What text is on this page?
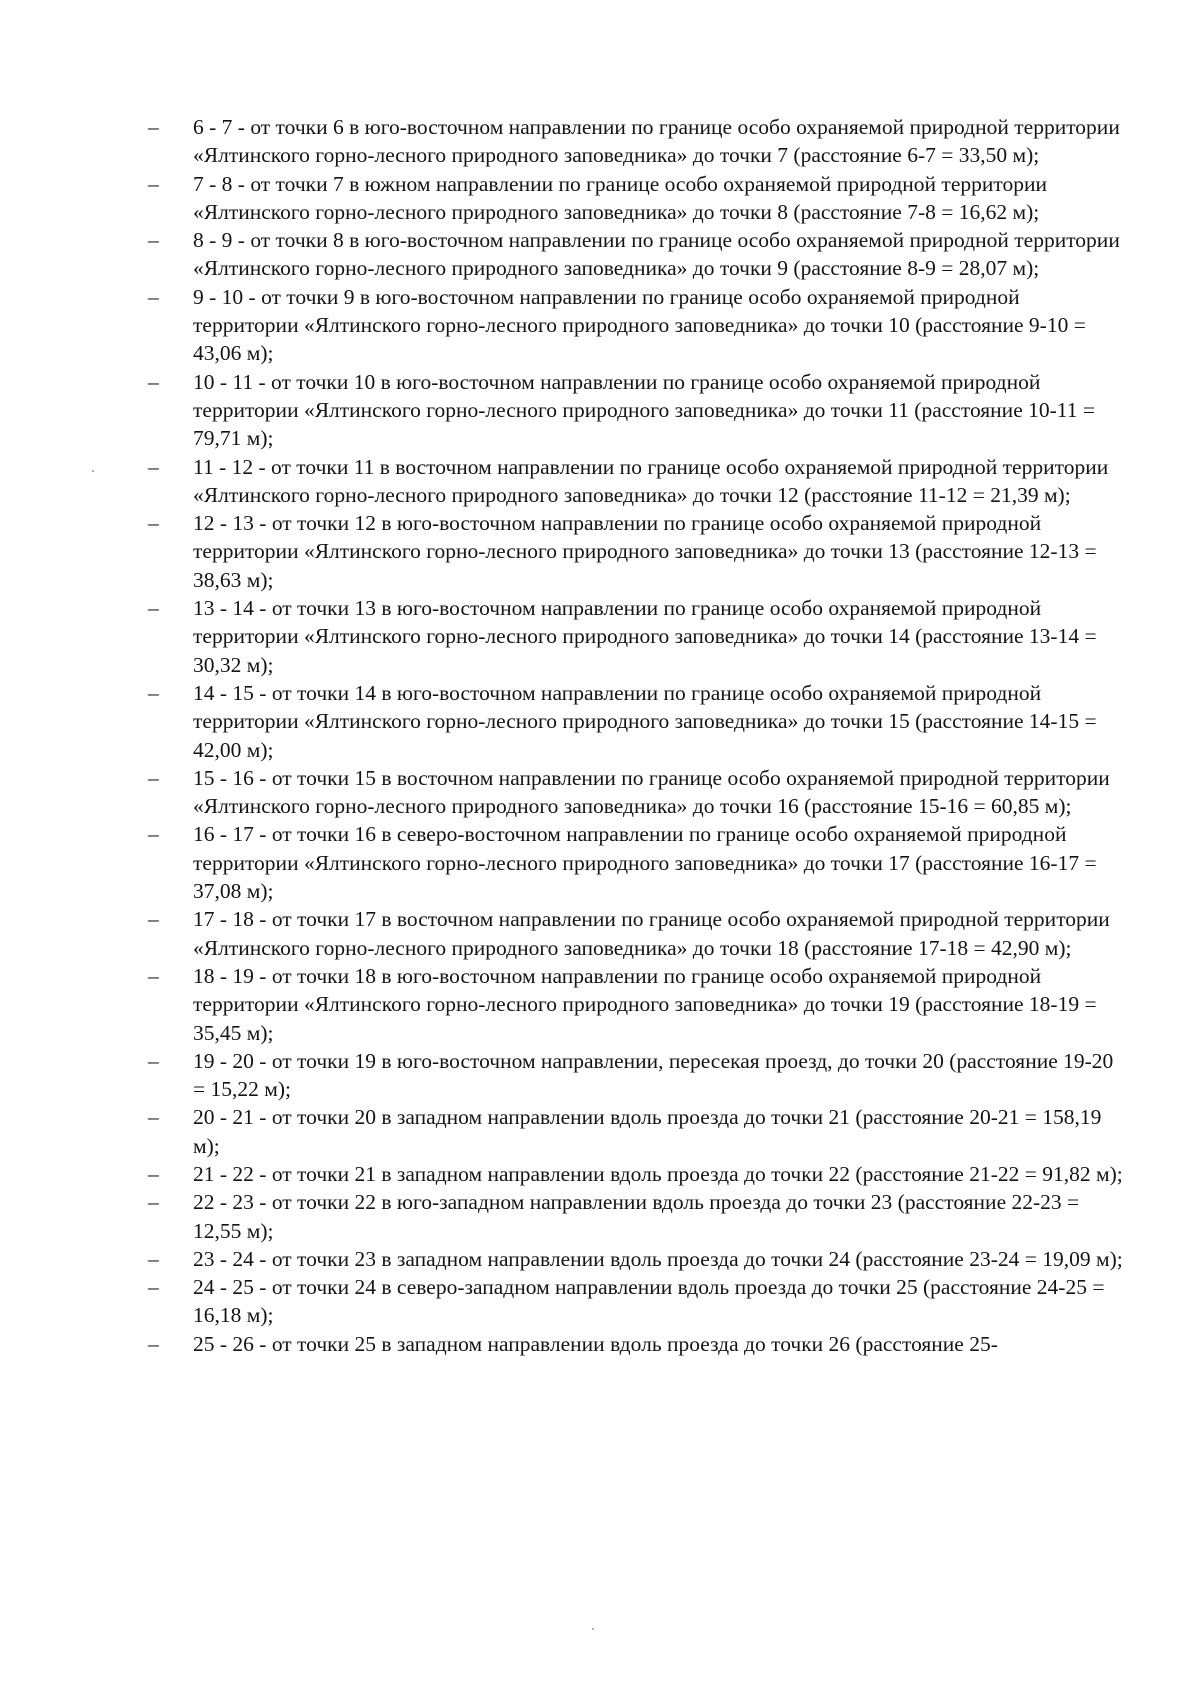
–	6 - 7 - от точки 6 в юго-восточном направлении по границе особо охраняемой природной территории «Ялтинского горно-лесного природного заповедника» до точки 7 (расстояние 6-7 = 33,50 м);
–	7 - 8 - от точки 7 в южном направлении по границе особо охраняемой природной территории «Ялтинского горно-лесного природного заповедника» до точки 8 (расстояние 7-8 = 16,62 м);
–	8 - 9 - от точки 8 в юго-восточном направлении по границе особо охраняемой природной территории «Ялтинского горно-лесного природного заповедника» до точки 9 (расстояние 8-9 = 28,07 м);
–	9 - 10 - от точки 9 в юго-восточном направлении по границе особо охраняемой природной территории «Ялтинского горно-лесного природного заповедника» до точки 10 (расстояние 9-10 = 43,06 м);
–	10 - 11 - от точки 10 в юго-восточном направлении по границе особо охраняемой природной территории «Ялтинского горно-лесного природного заповедника» до точки 11 (расстояние 10-11 = 79,71 м);
–	11 - 12 - от точки 11 в восточном направлении по границе особо охраняемой природной территории «Ялтинского горно-лесного природного заповедника» до точки 12 (расстояние 11-12 = 21,39 м);
–	12 - 13 - от точки 12 в юго-восточном направлении по границе особо охраняемой природной территории «Ялтинского горно-лесного природного заповедника» до точки 13 (расстояние 12-13 = 38,63 м);
–	13 - 14 - от точки 13 в юго-восточном направлении по границе особо охраняемой природной территории «Ялтинского горно-лесного природного заповедника» до точки 14 (расстояние 13-14 = 30,32 м);
–	14 - 15 - от точки 14 в юго-восточном направлении по границе особо охраняемой природной территории «Ялтинского горно-лесного природного заповедника» до точки 15 (расстояние 14-15 = 42,00 м);
–	15 - 16 - от точки 15 в восточном направлении по границе особо охраняемой природной территории «Ялтинского горно-лесного природного заповедника» до точки 16 (расстояние 15-16 = 60,85 м);
–	16 - 17 - от точки 16 в северо-восточном направлении по границе особо охраняемой природной территории «Ялтинского горно-лесного природного заповедника» до точки 17 (расстояние 16-17 = 37,08 м);
–	17 - 18 - от точки 17 в восточном направлении по границе особо охраняемой природной территории «Ялтинского горно-лесного природного заповедника» до точки 18 (расстояние 17-18 = 42,90 м);
–	18 - 19 - от точки 18 в юго-восточном направлении по границе особо охраняемой природной территории «Ялтинского горно-лесного природного заповедника» до точки 19 (расстояние 18-19 = 35,45 м);
–	19 - 20 - от точки 19 в юго-восточном направлении, пересекая проезд, до точки 20 (расстояние 19-20 = 15,22 м);
–	20 - 21 - от точки 20 в западном направлении вдоль проезда до точки 21 (расстояние 20-21 = 158,19 м);
–	21 - 22 - от точки 21 в западном направлении вдоль проезда до точки 22 (расстояние 21-22 = 91,82 м);
–	22 - 23 - от точки 22 в юго-западном направлении вдоль проезда до точки 23 (расстояние 22-23 = 12,55 м);
–	23 - 24 - от точки 23 в западном направлении вдоль проезда до точки 24 (расстояние 23-24 = 19,09 м);
–	24 - 25 - от точки 24 в северо-западном направлении вдоль проезда до точки 25 (расстояние 24-25 = 16,18 м);
–	25 - 26 - от точки 25 в западном направлении вдоль проезда до точки 26 (расстояние 25-
